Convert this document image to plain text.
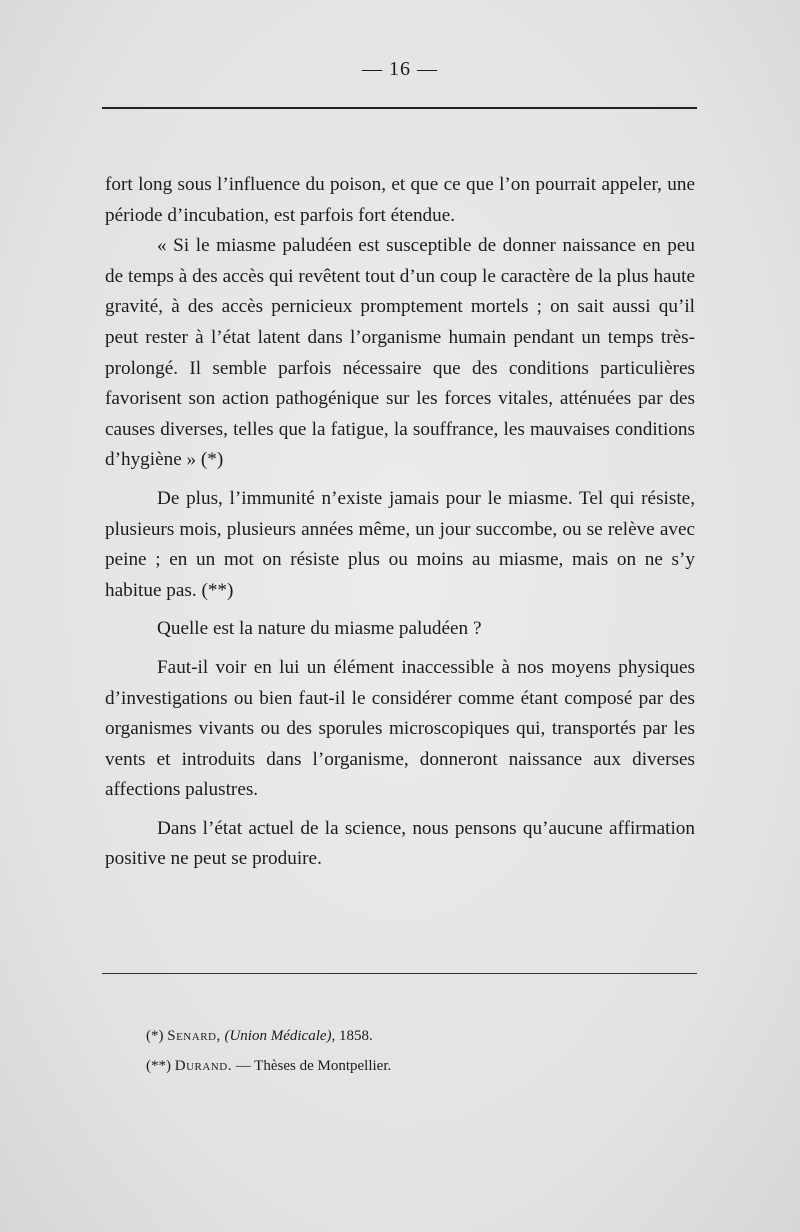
— 16 —

fort long sous l’influence du poison, et que ce que l’on pourrait appeler, une période d’incubation, est parfois fort étendue.

« Si le miasme paludéen est susceptible de donner naissance en peu de temps à des accès qui revêtent tout d’un coup le caractère de la plus haute gravité, à des accès pernicieux promptement mortels ; on sait aussi qu’il peut rester à l’état latent dans l’organisme humain pendant un temps très-prolongé. Il semble parfois nécessaire que des conditions particulières favorisent son action pathogénique sur les forces vitales, atténuées par des causes diverses, telles que la fatigue, la souffrance, les mauvaises conditions d’hygiène » (*)

De plus, l’immunité n’existe jamais pour le miasme. Tel qui résiste, plusieurs mois, plusieurs années même, un jour succombe, ou se relève avec peine ; en un mot on résiste plus ou moins au miasme, mais on ne s’y habitue pas. (**)

Quelle est la nature du miasme paludéen ?

Faut-il voir en lui un élément inaccessible à nos moyens physiques d’investigations ou bien faut-il le considérer comme étant composé par des organismes vivants ou des sporules microscopiques qui, transportés par les vents et introduits dans l’organisme, donneront naissance aux diverses affections palustres.

Dans l’état actuel de la science, nous pensons qu’aucune affirmation positive ne peut se produire.

(*) Senard, (Union Médicale), 1858.

(**) Durand. — Thèses de Montpellier.
